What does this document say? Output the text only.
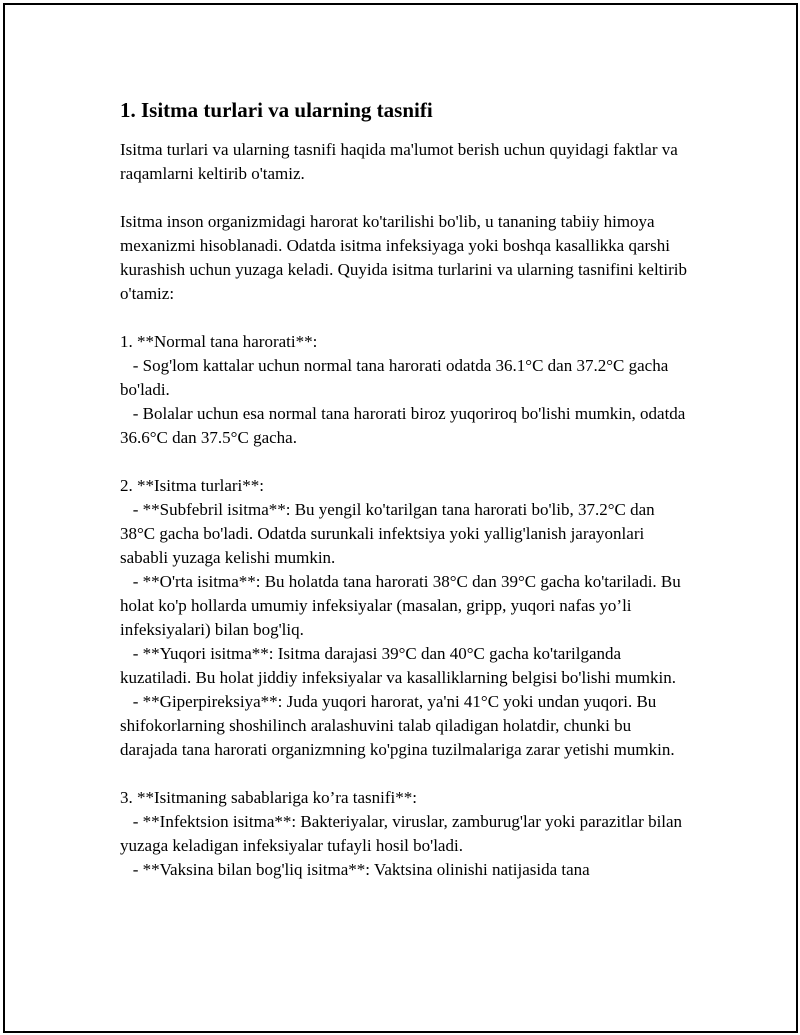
1. Isitma turlari va ularning tasnifi

Isitma turlari va ularning tasnifi haqida ma'lumot berish uchun quyidagi faktlar va raqamlarni keltirib o'tamiz.

Isitma inson organizmidagi harorat ko'tarilishi bo'lib, u tananing tabiiy himoya mexanizmi hisoblanadi. Odatda isitma infeksiyaga yoki boshqa kasallikka qarshi kurashish uchun yuzaga keladi. Quyida isitma turlarini va ularning tasnifini keltirib o'tamiz:

1. **Normal tana harorati**:

- Sog'lom kattalar uchun normal tana harorati odatda 36.1°C dan 37.2°C gacha bo'ladi.

- Bolalar uchun esa normal tana harorati biroz yuqoriroq bo'lishi mumkin, odatda 36.6°C dan 37.5°C gacha.

2. **Isitma turlari**:

- **Subfebril isitma**: Bu yengil ko'tarilgan tana harorati bo'lib, 37.2°C dan 38°C gacha bo'ladi. Odatda surunkali infektsiya yoki yallig'lanish jarayonlari sababli yuzaga kelishi mumkin.

- **O'rta isitma**: Bu holatda tana harorati 38°C dan 39°C gacha ko'tariladi. Bu holat ko'p hollarda umumiy infeksiyalar (masalan, gripp, yuqori nafas yo’li infeksiyalari) bilan bog'liq.

- **Yuqori isitma**: Isitma darajasi 39°C dan 40°C gacha ko'tarilganda kuzatiladi. Bu holat jiddiy infeksiyalar va kasalliklarning belgisi bo'lishi mumkin.

- **Giperpireksiya**: Juda yuqori harorat, ya'ni 41°C yoki undan yuqori. Bu shifokorlarning shoshilinch aralashuvini talab qiladigan holatdir, chunki bu darajada tana harorati organizmning ko'pgina tuzilmalariga zarar yetishi mumkin.

3. **Isitmaning sabablariga ko’ra tasnifi**:

- **Infektsion isitma**: Bakteriyalar, viruslar, zamburug'lar yoki parazitlar bilan yuzaga keladigan infeksiyalar tufayli hosil bo'ladi.

- **Vaksina bilan bog'liq isitma**: Vaktsina olinishi natijasida tana
